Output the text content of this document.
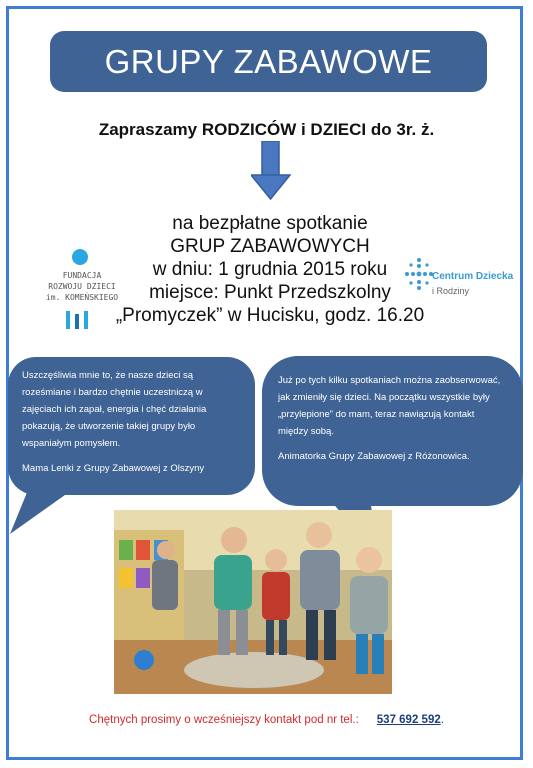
GRUPY ZABAWOWE
Zapraszamy RODZICÓW i DZIECI do 3r. ż.
na bezpłatne spotkanie
GRUP ZABAWOWYCH
w dniu: 1 grudnia 2015 roku
miejsce: Punkt Przedszkolny
„Promyczek” w Hucisku, godz. 16.20
FUNDACJA
ROZWOJU DZIECI
im. KOMEŃSKIEGO
Centrum Dziecka
i Rodziny

Uszczęśliwia mnie to, że nasze dzieci są roześmiane i bardzo chętnie uczestniczą w zajęciach ich zapał, energia i chęć działania pokazują, że utworzenie takiej grupy było wspaniałym pomysłem.

Mama Lenki z Grupy Zabawowej z Olszyny

Już po tych kilku spotkaniach można zaobserwować, jak zmieniły się dzieci. Na początku wszystkie były „przylepione” do mam, teraz nawiązują kontakt między sobą.

Animatorka Grupy Zabawowej z Różonowica.

Chętnych prosimy o wcześniejszy kontakt pod nr tel.: 537 692 592.
